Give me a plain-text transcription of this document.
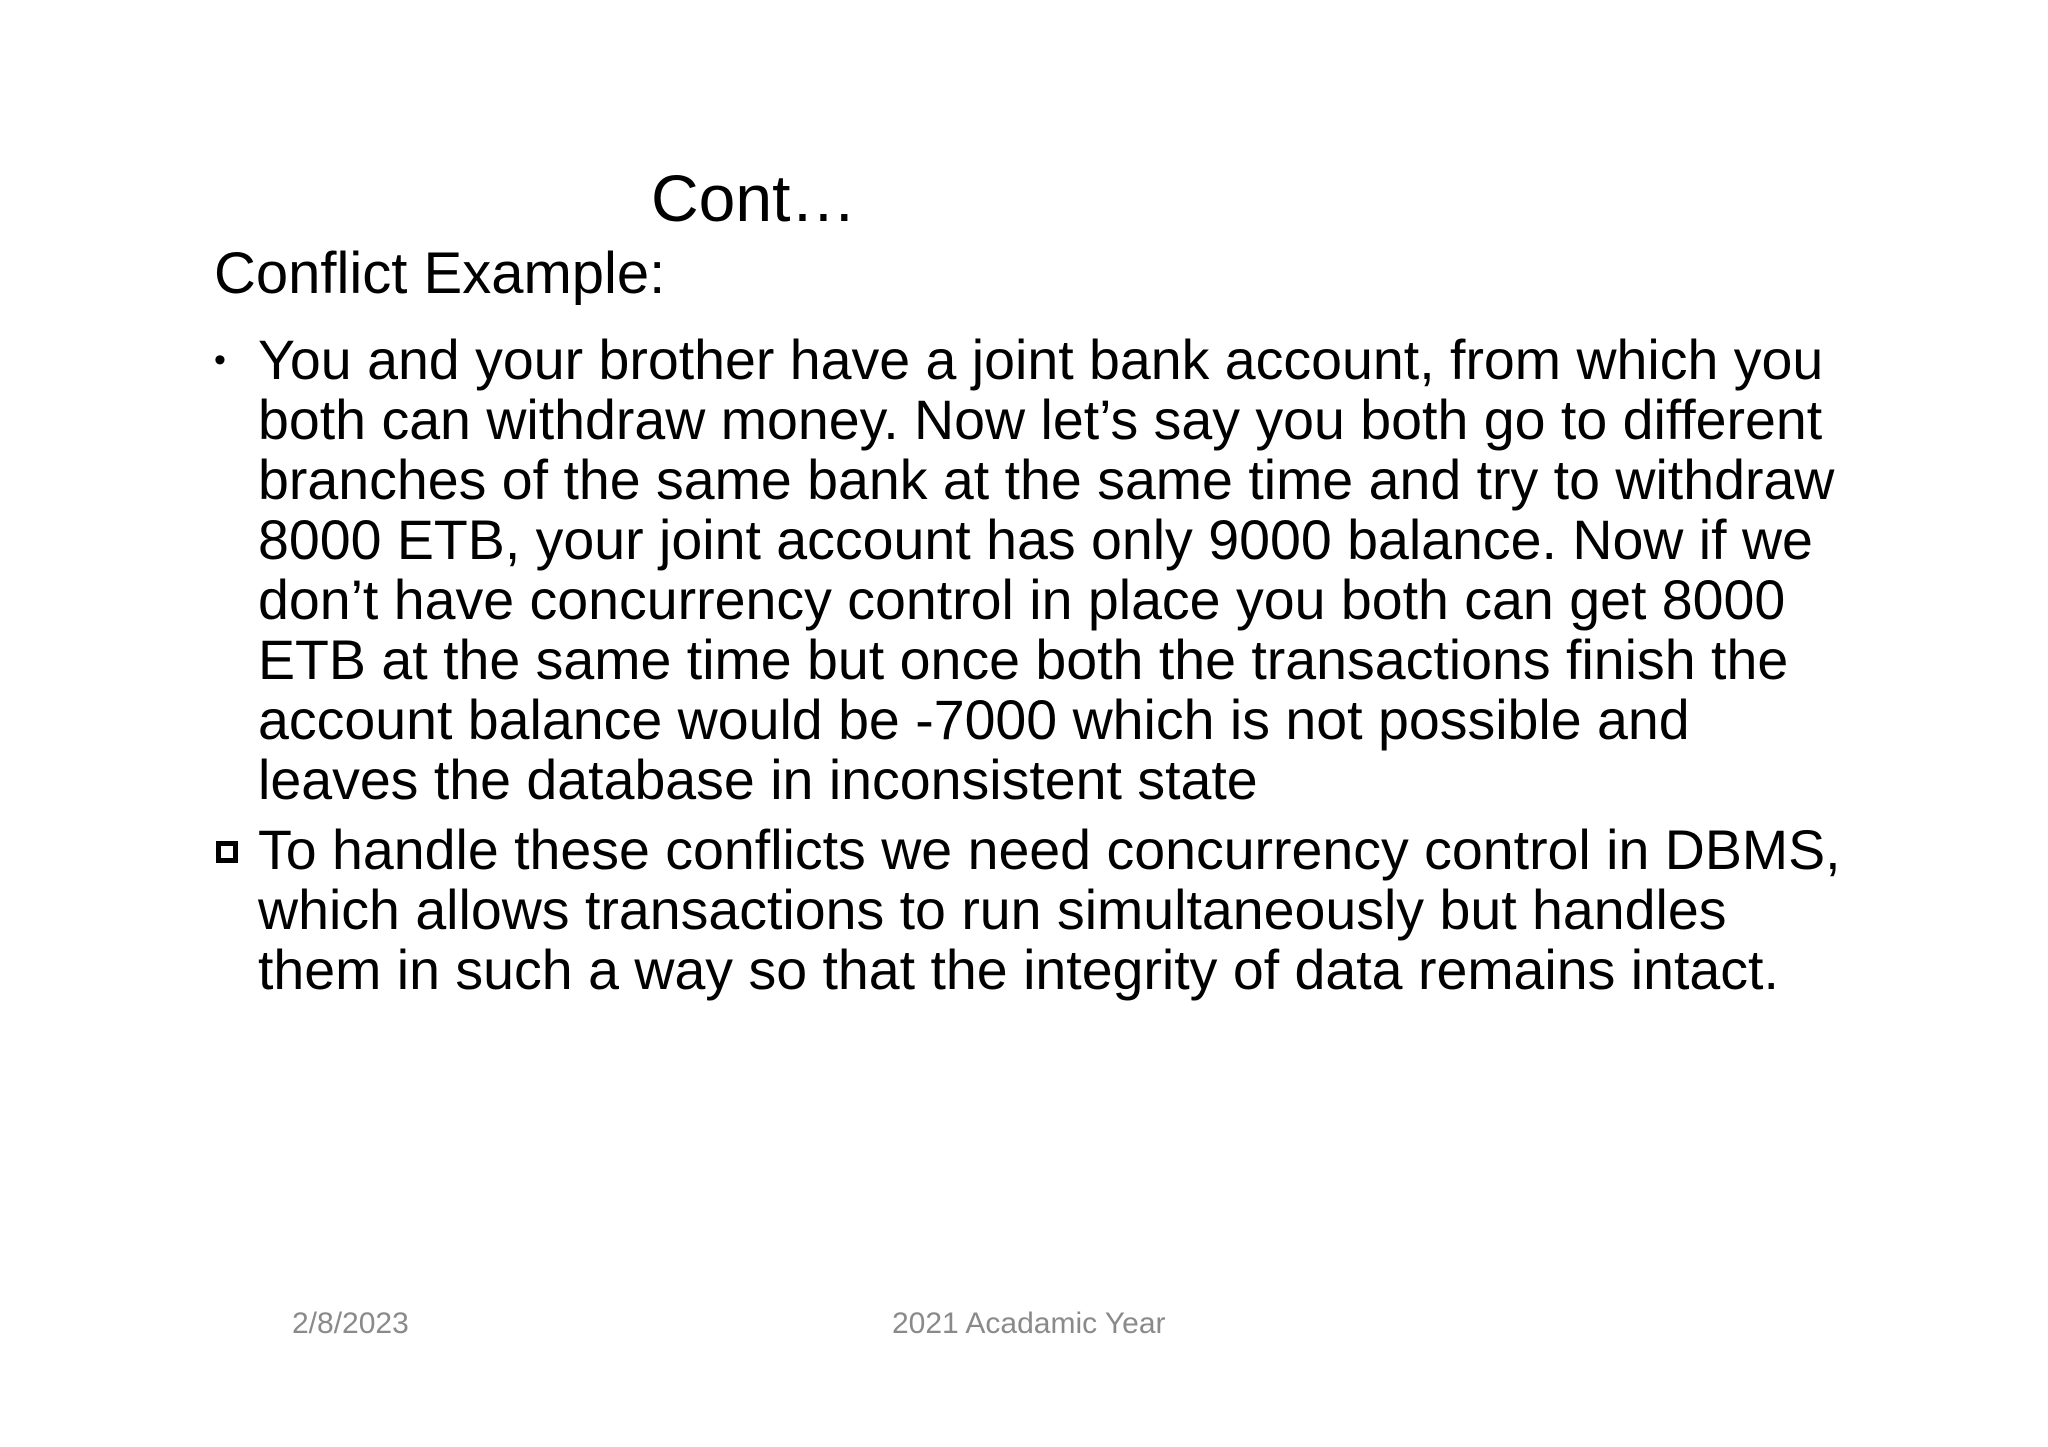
Cont…
Conflict Example:
• You and your brother have a joint bank account, from which you both can withdraw money. Now let’s say you both go to different branches of the same bank at the same time and try to withdraw 8000 ETB, your joint account has only 9000 balance. Now if we don’t have concurrency control in place you both can get 8000 ETB at the same time but once both the transactions finish the account balance would be -7000 which is not possible and leaves the database in inconsistent state
To handle these conflicts we need concurrency control in DBMS, which allows transactions to run simultaneously but handles them in such a way so that the integrity of data remains intact.
2/8/2023	2021 Acadamic Year
